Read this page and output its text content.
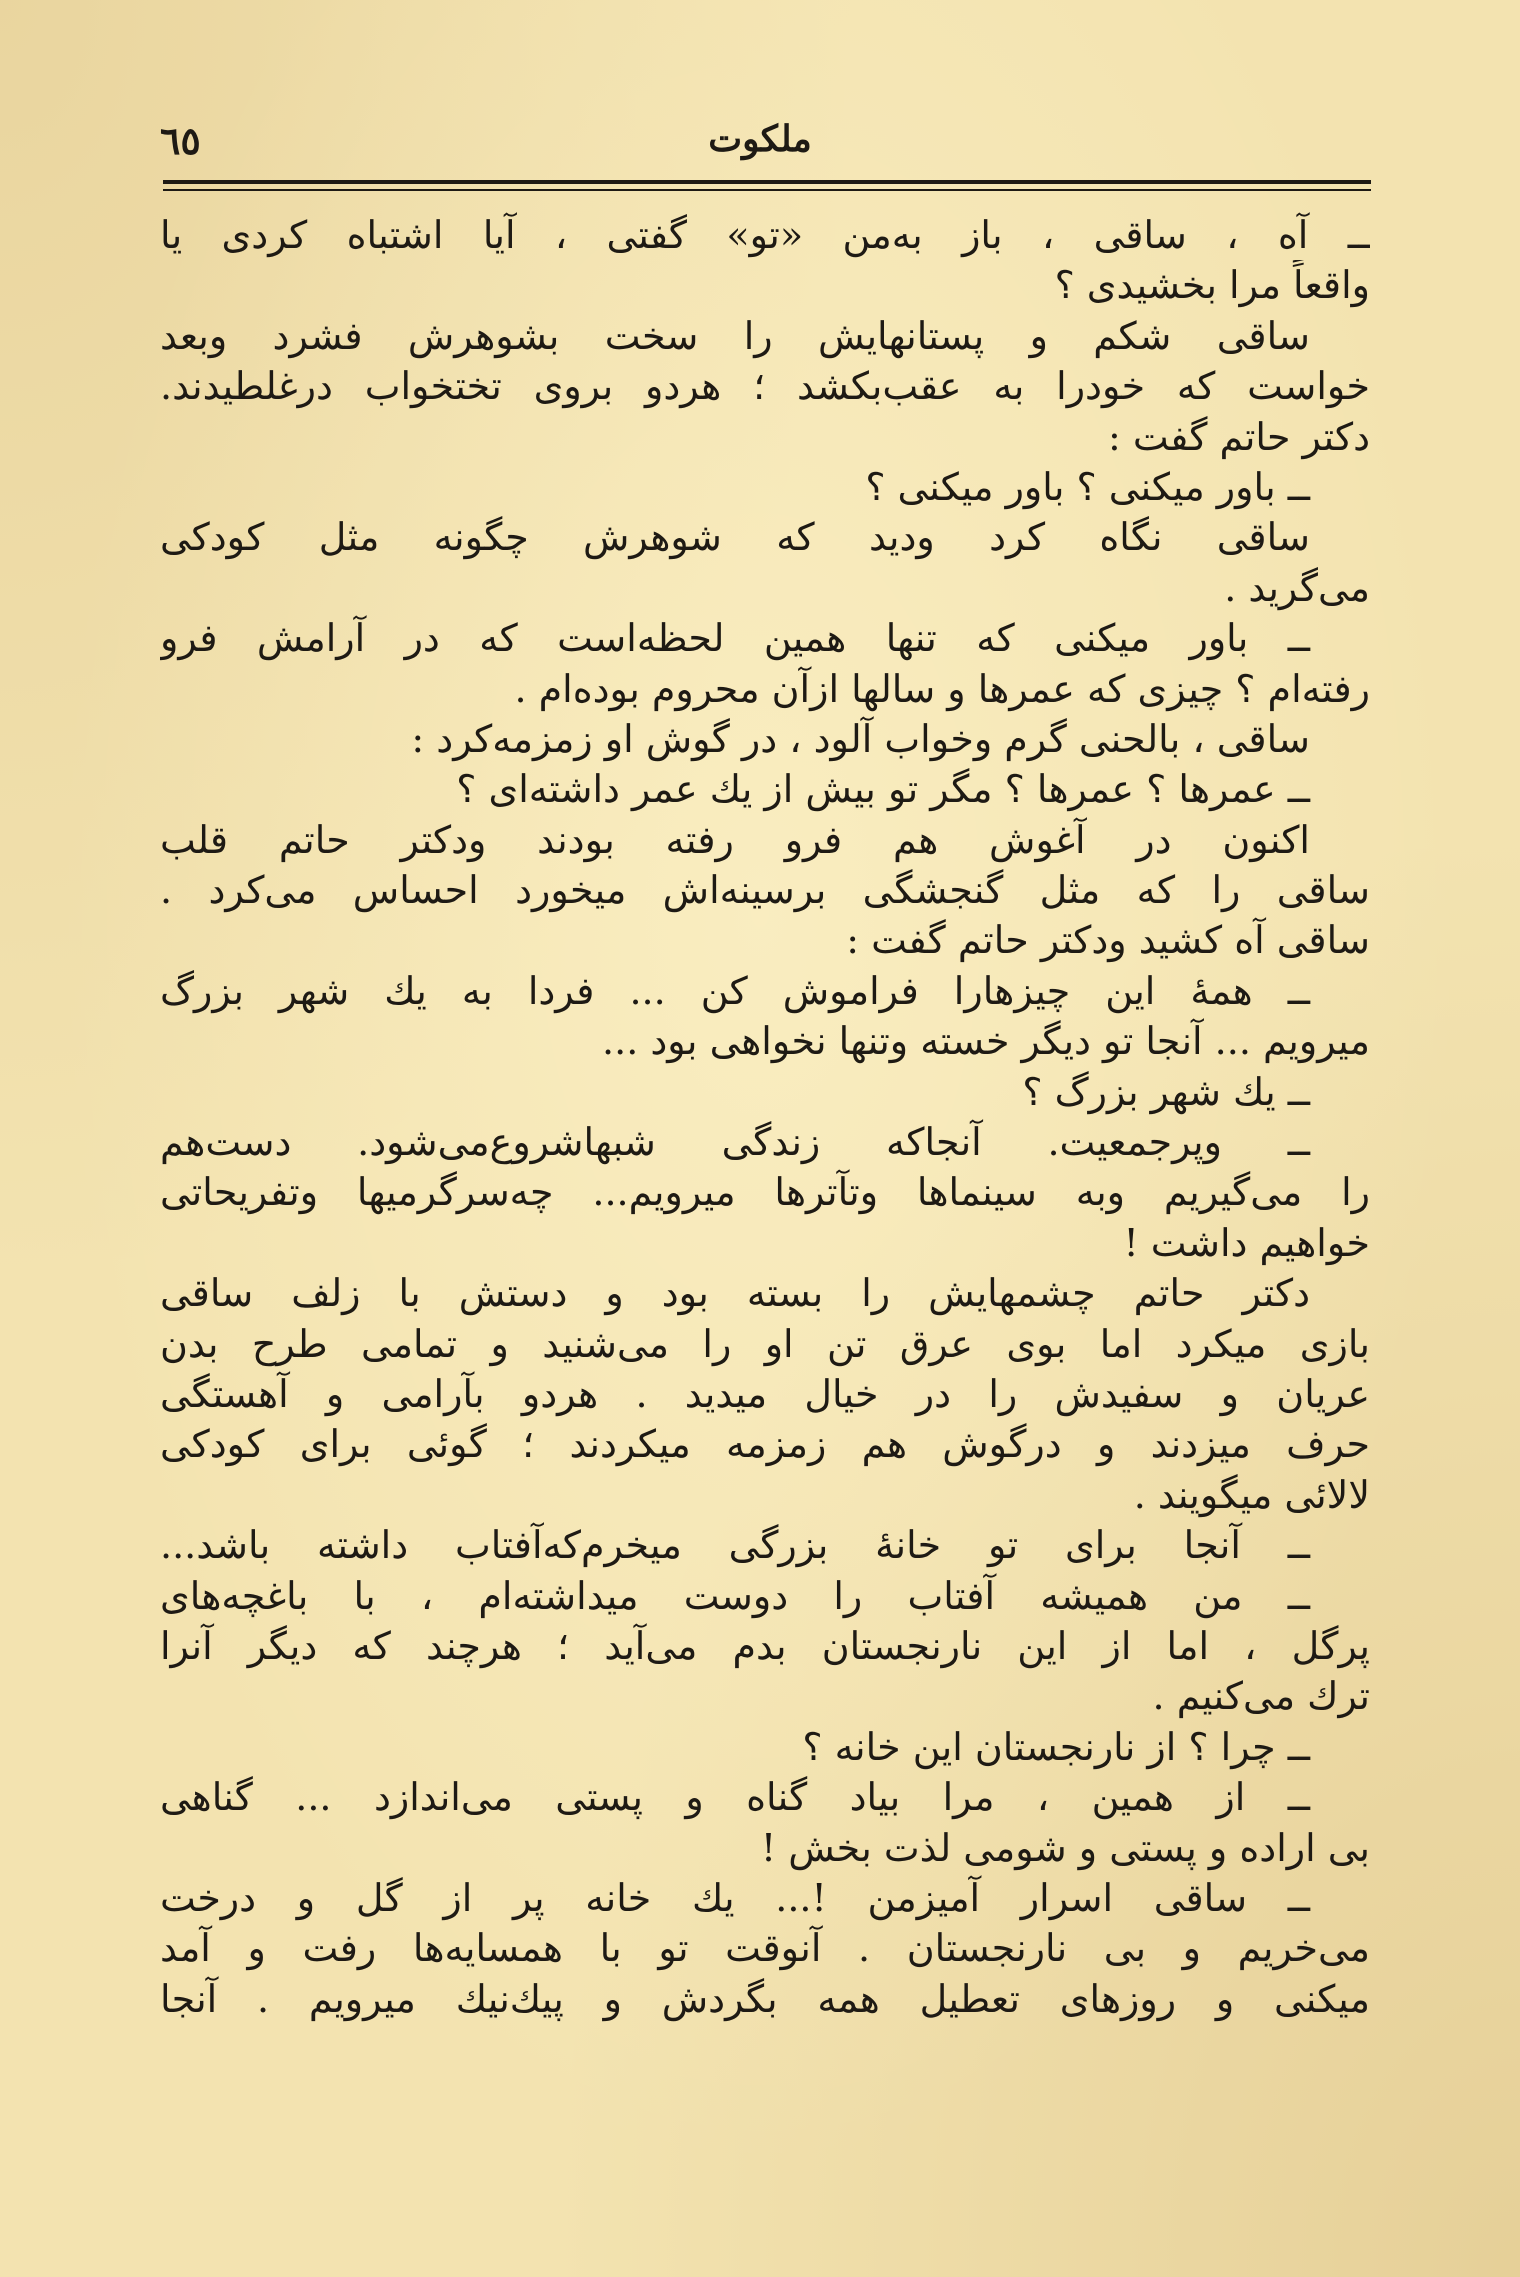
٦٥	ملکوت
ــ آه ، ساقی ، باز به‌من «تو» گفتی ، آیا اشتباه کردی یا
واقعاً مرا بخشیدی ؟
ساقی شکم و پستانهایش را سخت بشوهرش فشرد وبعد
خواست که خودرا به عقب‌بکشد ؛ هردو بروی تختخواب درغلطیدند.
دکتر حاتم گفت :
ــ باور میکنی ؟ باور میکنی ؟
ساقی نگاه کرد ودید که شوهرش چگونه مثل کودکی
می‌گرید .
ــ باور میکنی که تنها همین لحظه‌است که در آرامش فرو
رفته‌ام ؟ چیزی که عمرها و سالها ازآن محروم بوده‌ام .
ساقی ، بالحنی گرم وخواب آلود ، در گوش او زمزمه‌کرد :
ــ عمرها ؟ عمرها ؟ مگر تو بیش از یك عمر داشته‌ای ؟
اکنون در آغوش هم فرو رفته بودند ودکتر حاتم قلب
ساقی را که مثل گنجشگی برسینه‌اش میخورد احساس می‌کرد .
ساقی آه کشید ودکتر حاتم گفت :
ــ همهٔ این چیزهارا فراموش کن ... فردا به یك شهر بزرگ
میرویم ... آنجا تو دیگر خسته وتنها نخواهی بود ...
ــ یك شهر بزرگ ؟
ــ وپرجمعیت. آنجاکه زندگی شبهاشروع‌می‌شود. دست‌هم
را می‌گیریم وبه سینماها وتآترها میرویم... چه‌سرگرمیها وتفریحاتی
خواهیم داشت !
دکتر حاتم چشمهایش را بسته بود و دستش با زلف ساقی
بازی میکرد اما بوی عرق تن او را می‌شنید و تمامی طرح بدن
عریان و سفیدش را در خیال میدید . هردو بآرامی و آهستگی
حرف میزدند و درگوش هم زمزمه میکردند ؛ گوئی برای کودکی
لالائی میگویند .
ــ آنجا برای تو خانهٔ بزرگی میخرم‌که‌آفتاب داشته باشد...
ــ من همیشه آفتاب را دوست میداشته‌ام ، با باغچه‌های
پرگل ، اما از این نارنجستان بدم می‌آید ؛ هرچند که دیگر آنرا
ترك می‌کنیم .
ــ چرا ؟ از نارنجستان این خانه ؟
ــ از همین ، مرا بیاد گناه و پستی می‌اندازد ... گناهی
بی اراده و پستی و شومی لذت بخش !
ــ ساقی اسرار آمیزمن !... یك خانه پر از گل و درخت
می‌خریم و بی نارنجستان . آنوقت تو با همسایه‌ها رفت و آمد
میکنی و روزهای تعطیل همه بگردش و پیك‌نیك میرویم . آنجا
